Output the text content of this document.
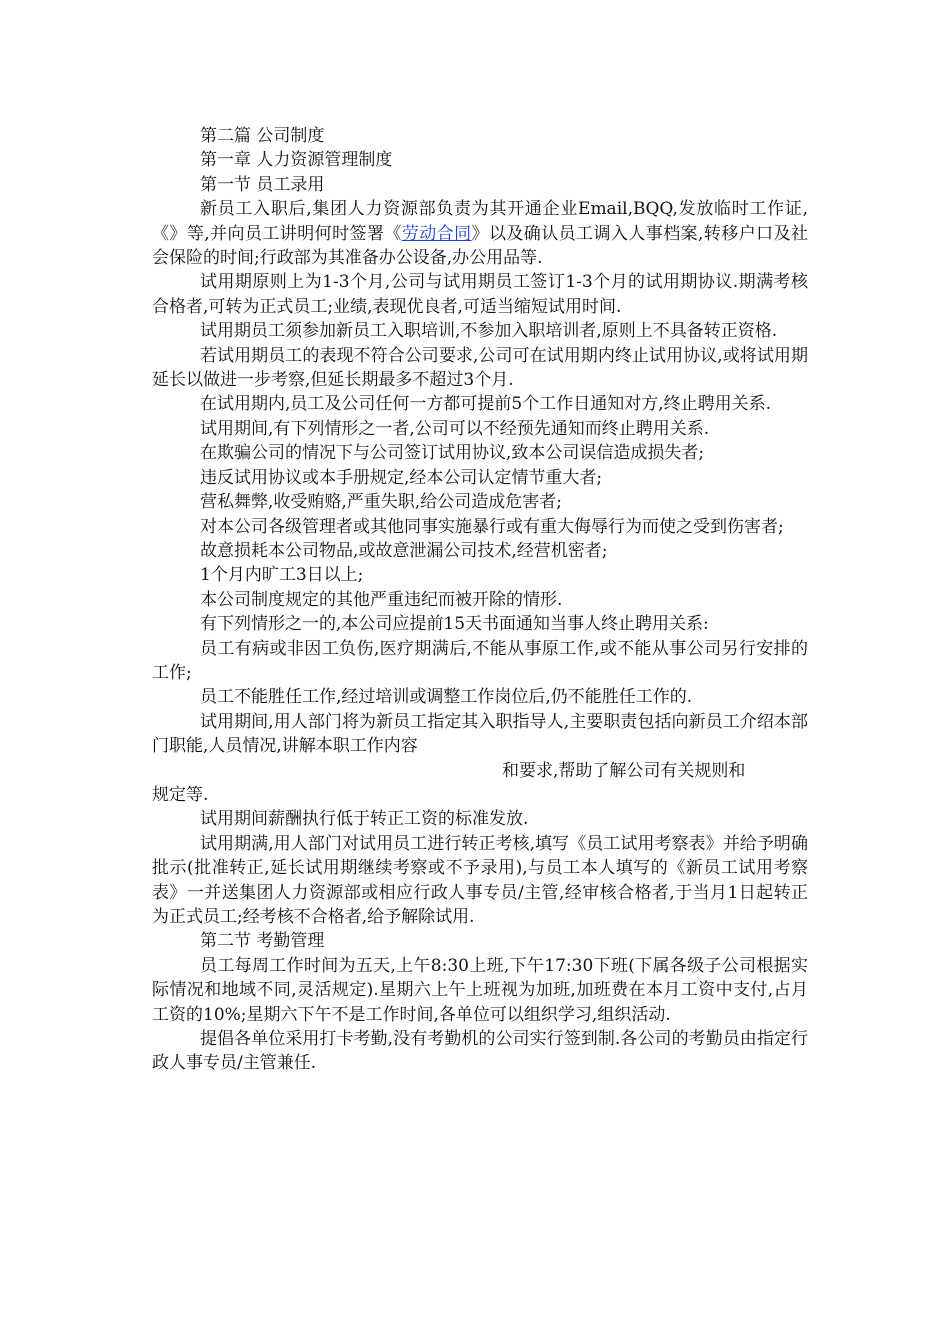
第二篇 公司制度

第一章 人力资源管理制度

第一节 员工录用

新员工入职后,集团人力资源部负责为其开通企业Email,BQQ,发放临时工作证,《》等,并向员工讲明何时签署《劳动合同》以及确认员工调入人事档案,转移户口及社会保险的时间;行政部为其准备办公设备,办公用品等.

试用期原则上为1-3个月,公司与试用期员工签订1-3个月的试用期协议.期满考核合格者,可转为正式员工;业绩,表现优良者,可适当缩短试用时间.

试用期员工须参加新员工入职培训,不参加入职培训者,原则上不具备转正资格.

若试用期员工的表现不符合公司要求,公司可在试用期内终止试用协议,或将试用期延长以做进一步考察,但延长期最多不超过3个月.

在试用期内,员工及公司任何一方都可提前5个工作日通知对方,终止聘用关系.

试用期间,有下列情形之一者,公司可以不经预先通知而终止聘用关系.

在欺骗公司的情况下与公司签订试用协议,致本公司误信造成损失者;

违反试用协议或本手册规定,经本公司认定情节重大者;

营私舞弊,收受贿赂,严重失职,给公司造成危害者;

对本公司各级管理者或其他同事实施暴行或有重大侮辱行为而使之受到伤害者;

故意损耗本公司物品,或故意泄漏公司技术,经营机密者;

1个月内旷工3日以上;

本公司制度规定的其他严重违纪而被开除的情形.

有下列情形之一的,本公司应提前15天书面通知当事人终止聘用关系:

员工有病或非因工负伤,医疗期满后,不能从事原工作,或不能从事公司另行安排的工作;

员工不能胜任工作,经过培训或调整工作岗位后,仍不能胜任工作的.

试用期间,用人部门将为新员工指定其入职指导人,主要职责包括向新员工介绍本部门职能,人员情况,讲解本职工作内容

和要求,帮助了解公司有关规则和

规定等.

试用期间薪酬执行低于转正工资的标准发放.

试用期满,用人部门对试用员工进行转正考核,填写《员工试用考察表》并给予明确批示(批准转正,延长试用期继续考察或不予录用),与员工本人填写的《新员工试用考察表》一并送集团人力资源部或相应行政人事专员/主管,经审核合格者,于当月1日起转正为正式员工;经考核不合格者,给予解除试用.

第二节 考勤管理

员工每周工作时间为五天,上午8:30上班,下午17:30下班(下属各级子公司根据实际情况和地域不同,灵活规定).星期六上午上班视为加班,加班费在本月工资中支付,占月工资的10%;星期六下午不是工作时间,各单位可以组织学习,组织活动.

提倡各单位采用打卡考勤,没有考勤机的公司实行签到制.各公司的考勤员由指定行政人事专员/主管兼任.
